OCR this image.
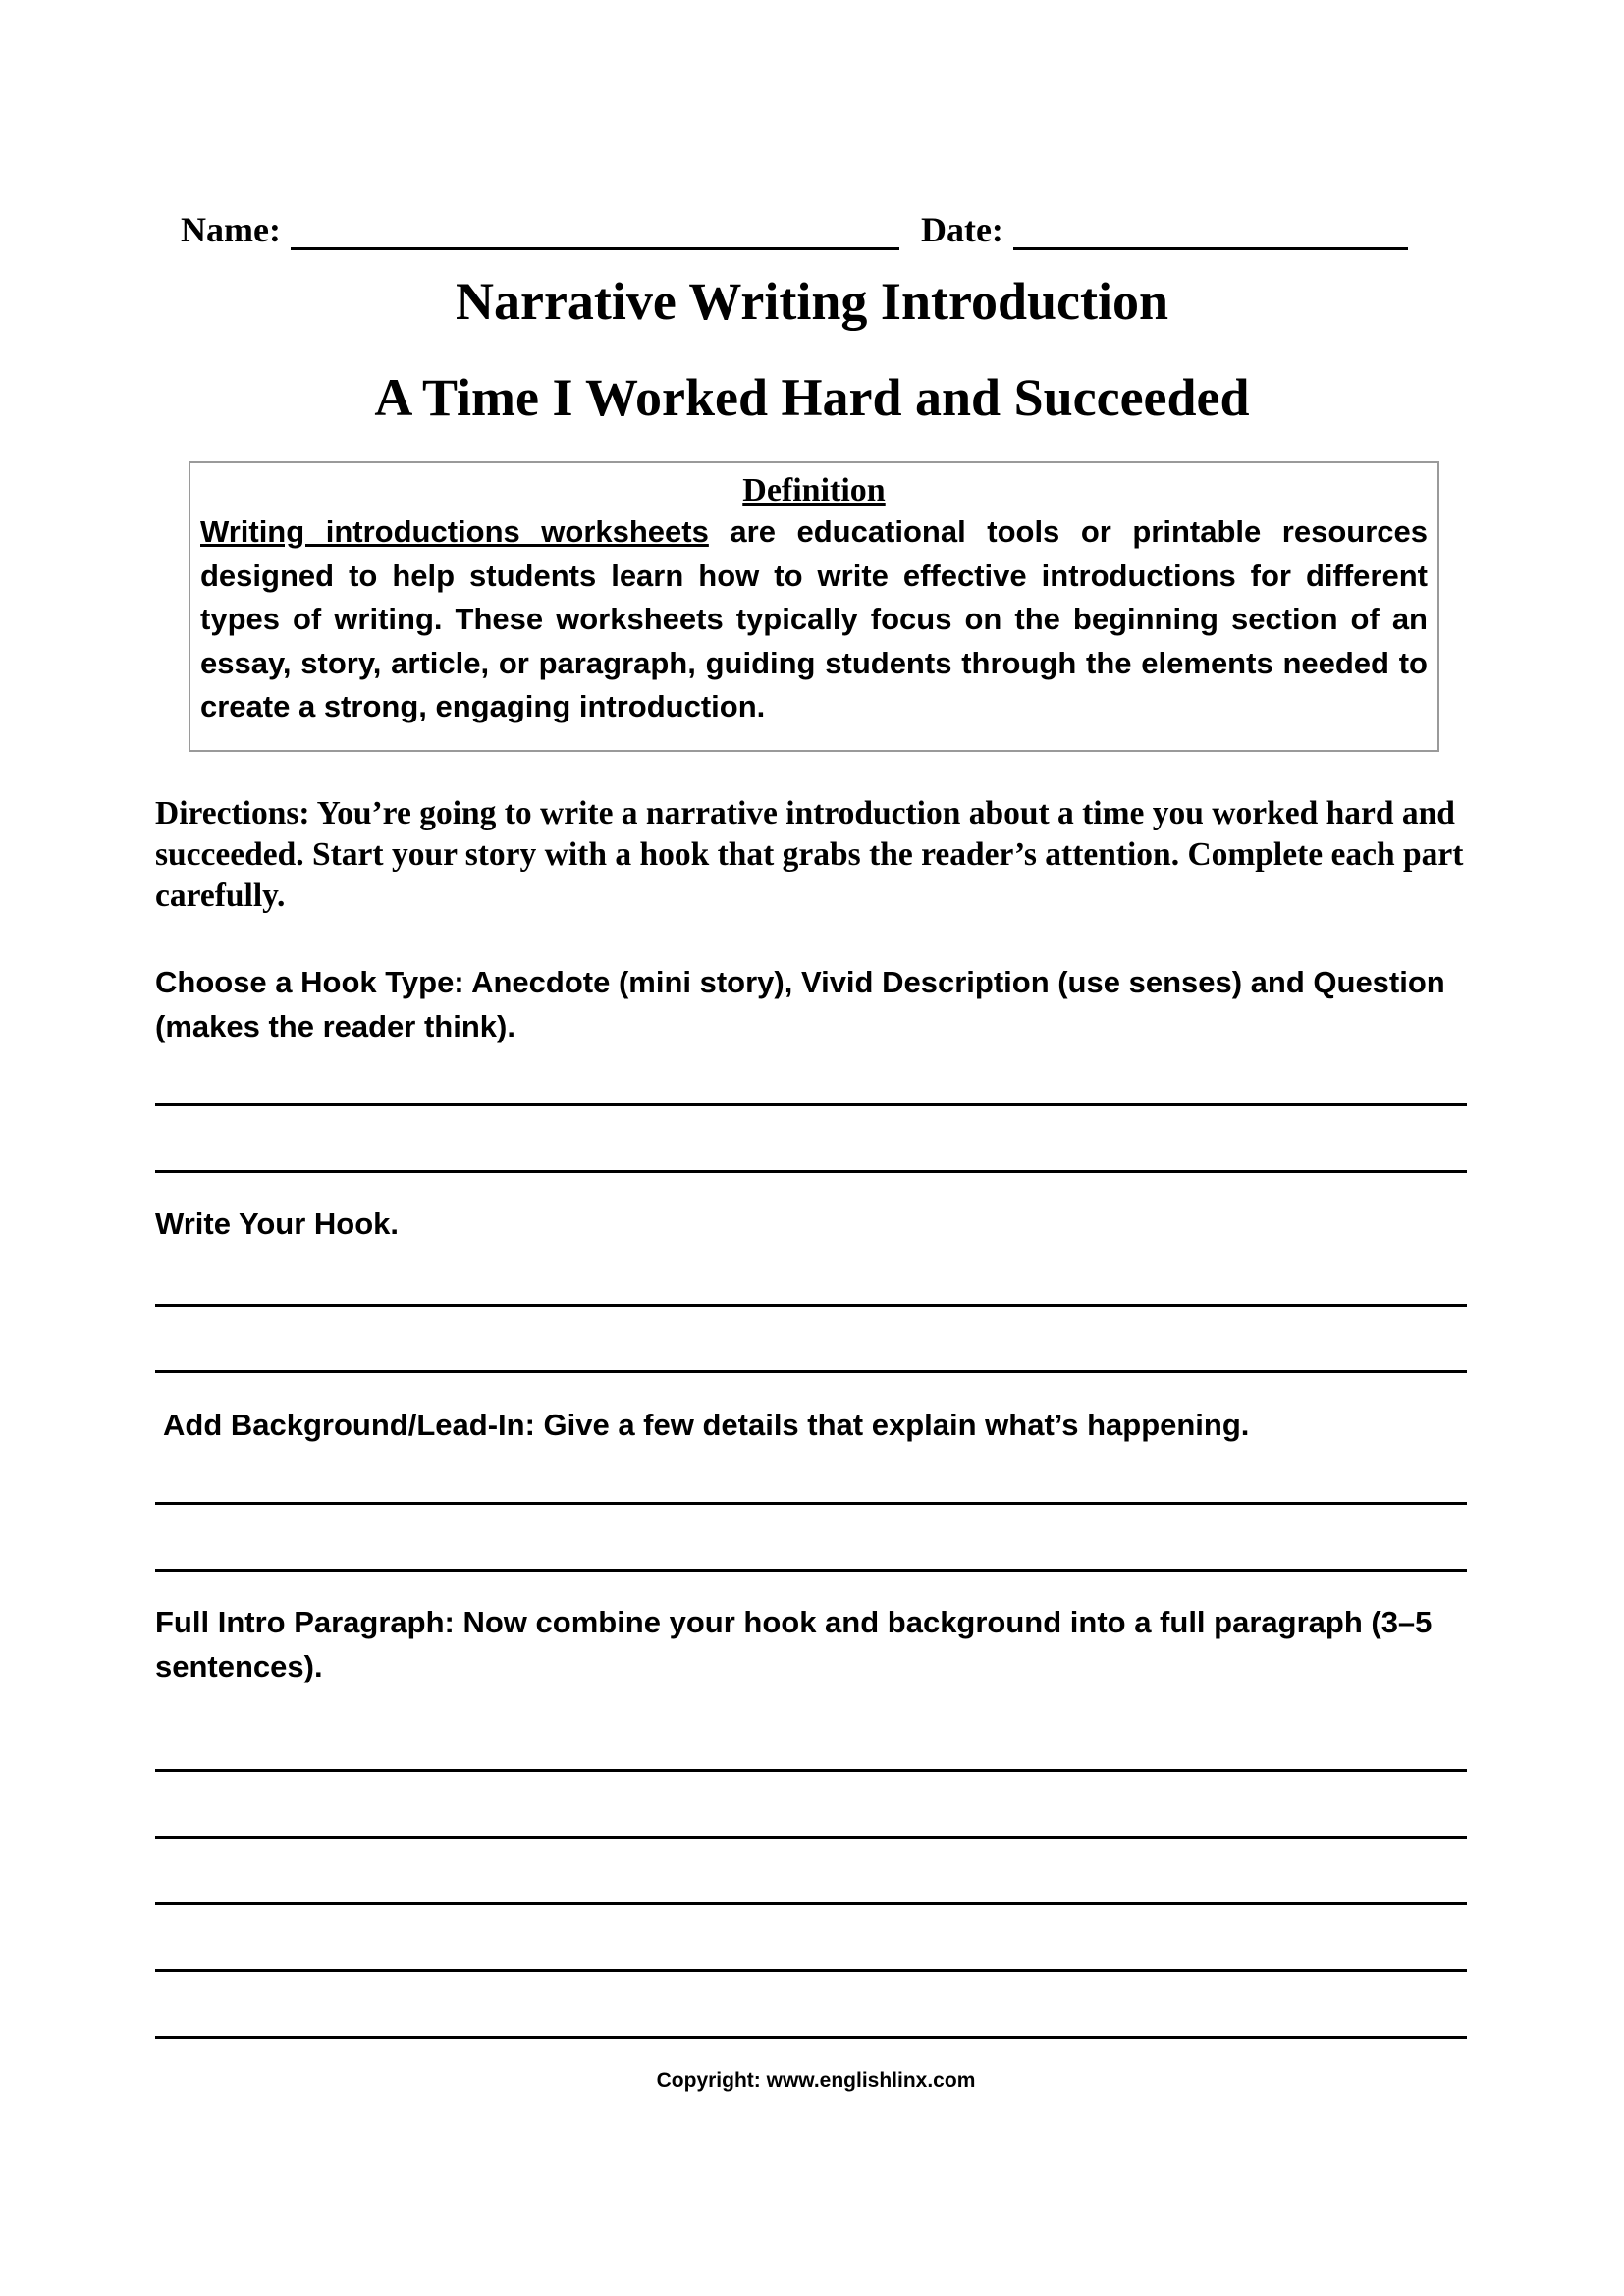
Name:	Date:
Narrative Writing Introduction
A Time I Worked Hard and Succeeded
Definition

Writing introductions worksheets are educational tools or printable resources designed to help students learn how to write effective introductions for different types of writing. These worksheets typically focus on the beginning section of an essay, story, article, or paragraph, guiding students through the elements needed to create a strong, engaging introduction.

Directions: You’re going to write a narrative introduction about a time you worked hard and succeeded. Start your story with a hook that grabs the reader’s attention. Complete each part carefully.

Choose a Hook Type: Anecdote (mini story), Vivid Description (use senses) and Question (makes the reader think).

Write Your Hook.

Add Background/Lead-In: Give a few details that explain what’s happening.

Full Intro Paragraph: Now combine your hook and background into a full paragraph (3–5 sentences).

Copyright: www.englishlinx.com
